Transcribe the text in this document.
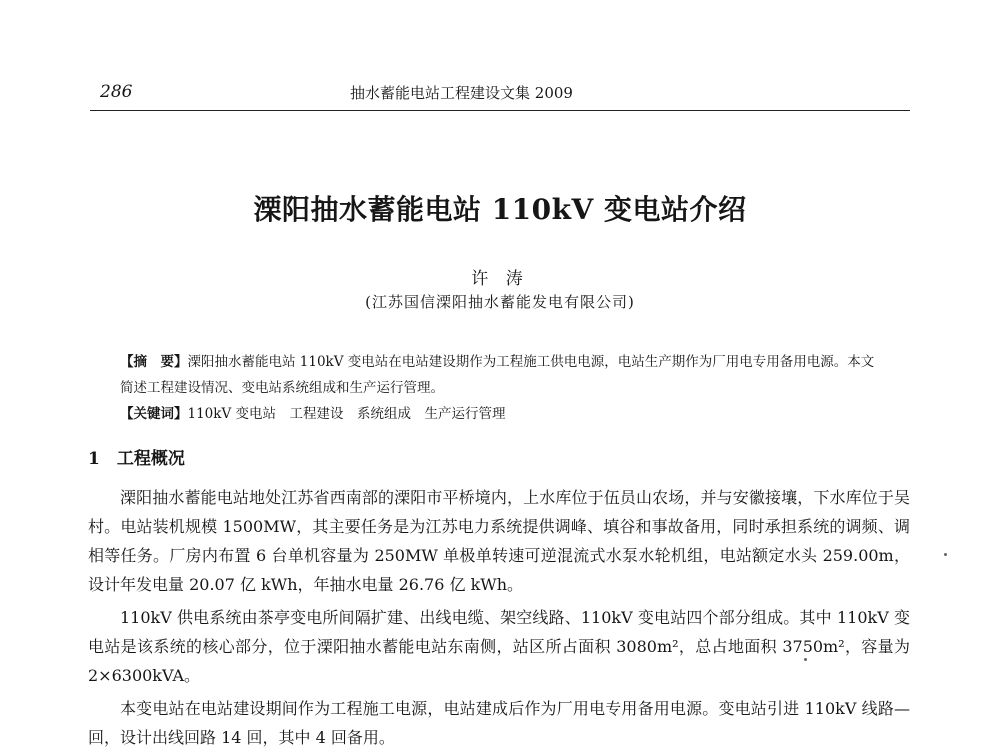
286	抽水蓄能电站工程建设文集 2009
溧阳抽水蓄能电站 110kV 变电站介绍
许 涛
(江苏国信溧阳抽水蓄能发电有限公司)
【摘　要】溧阳抽水蓄能电站 110kV 变电站在电站建设期作为工程施工供电电源，电站生产期作为厂用电专用备用电源。本文简述工程建设情况、变电站系统组成和生产运行管理。
【关键词】110kV 变电站　工程建设　系统组成　生产运行管理
1　工程概况

溧阳抽水蓄能电站地处江苏省西南部的溧阳市平桥境内，上水库位于伍员山农场，并与安徽接壤，下水库位于吴村。电站装机规模 1500MW，其主要任务是为江苏电力系统提供调峰、填谷和事故备用，同时承担系统的调频、调相等任务。厂房内布置 6 台单机容量为 250MW 单极单转速可逆混流式水泵水轮机组，电站额定水头 259.00m，设计年发电量 20.07 亿 kWh，年抽水电量 26.76 亿 kWh。

110kV 供电系统由茶亭变电所间隔扩建、出线电缆、架空线路、110kV 变电站四个部分组成。其中 110kV 变电站是该系统的核心部分，位于溧阳抽水蓄能电站东南侧，站区所占面积 3080m²，总占地面积 3750m²，容量为 2×6300kVA。

本变电站在电站建设期间作为工程施工电源，电站建成后作为厂用电专用备用电源。变电站引进 110kV 线路—回，设计出线回路 14 回，其中 4 回备用。
